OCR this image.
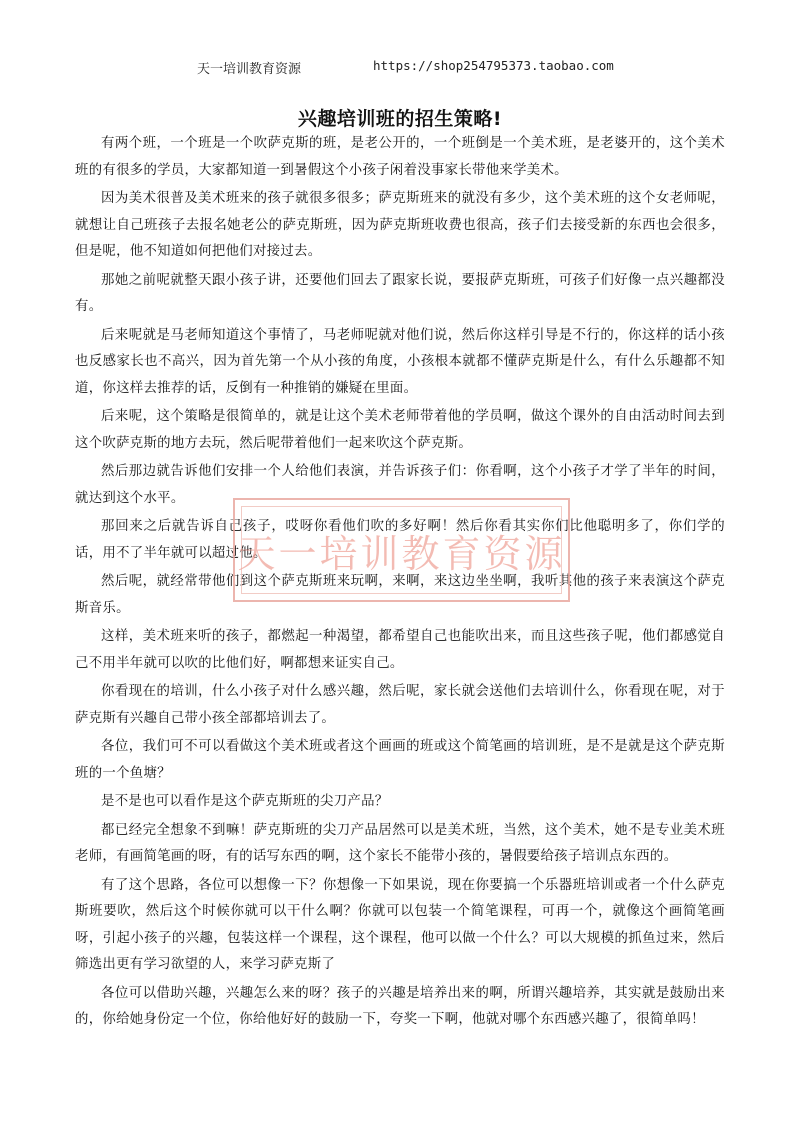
天一培训教育资源	https://shop254795373.taobao.com
兴趣培训班的招生策略!

有两个班，一个班是一个吹萨克斯的班，是老公开的，一个班倒是一个美术班，是老婆开的，这个美术班的有很多的学员，大家都知道一到暑假这个小孩子闲着没事家长带他来学美术。

因为美术很普及美术班来的孩子就很多很多；萨克斯班来的就没有多少，这个美术班的这个女老师呢，就想让自己班孩子去报名她老公的萨克斯班，因为萨克斯班收费也很高，孩子们去接受新的东西也会很多，但是呢，他不知道如何把他们对接过去。

那她之前呢就整天跟小孩子讲，还要他们回去了跟家长说，要报萨克斯班，可孩子们好像一点兴趣都没有。

后来呢就是马老师知道这个事情了，马老师呢就对他们说，然后你这样引导是不行的，你这样的话小孩也反感家长也不高兴，因为首先第一个从小孩的角度，小孩根本就都不懂萨克斯是什么，有什么乐趣都不知道，你这样去推荐的话，反倒有一种推销的嫌疑在里面。

后来呢，这个策略是很简单的，就是让这个美术老师带着他的学员啊，做这个课外的自由活动时间去到这个吹萨克斯的地方去玩，然后呢带着他们一起来吹这个萨克斯。

然后那边就告诉他们安排一个人给他们表演，并告诉孩子们：你看啊，这个小孩子才学了半年的时间，就达到这个水平。

那回来之后就告诉自己孩子，哎呀你看他们吹的多好啊！然后你看其实你们比他聪明多了，你们学的话，用不了半年就可以超过他。

然后呢，就经常带他们到这个萨克斯班来玩啊，来啊，来这边坐坐啊，我听其他的孩子来表演这个萨克斯音乐。

这样，美术班来听的孩子，都燃起一种渴望，都希望自己也能吹出来，而且这些孩子呢，他们都感觉自己不用半年就可以吹的比他们好，啊都想来证实自己。

你看现在的培训，什么小孩子对什么感兴趣，然后呢，家长就会送他们去培训什么，你看现在呢，对于萨克斯有兴趣自己带小孩全部都培训去了。

各位，我们可不可以看做这个美术班或者这个画画的班或这个简笔画的培训班，是不是就是这个萨克斯班的一个鱼塘？

是不是也可以看作是这个萨克斯班的尖刀产品？

都已经完全想象不到嘛！萨克斯班的尖刀产品居然可以是美术班，当然，这个美术，她不是专业美术班老师，有画简笔画的呀，有的话写东西的啊，这个家长不能带小孩的，暑假要给孩子培训点东西的。

有了这个思路，各位可以想像一下？你想像一下如果说，现在你要搞一个乐器班培训或者一个什么萨克斯班要吹，然后这个时候你就可以干什么啊？你就可以包装一个简笔课程，可再一个，就像这个画简笔画呀，引起小孩子的兴趣，包装这样一个课程，这个课程，他可以做一个什么？可以大规模的抓鱼过来，然后筛选出更有学习欲望的人，来学习萨克斯了

各位可以借助兴趣，兴趣怎么来的呀？孩子的兴趣是培养出来的啊，所谓兴趣培养，其实就是鼓励出来的，你给她身份定一个位，你给他好好的鼓励一下，夸奖一下啊，他就对哪个东西感兴趣了，很简单吗！

天一培训教育资源
